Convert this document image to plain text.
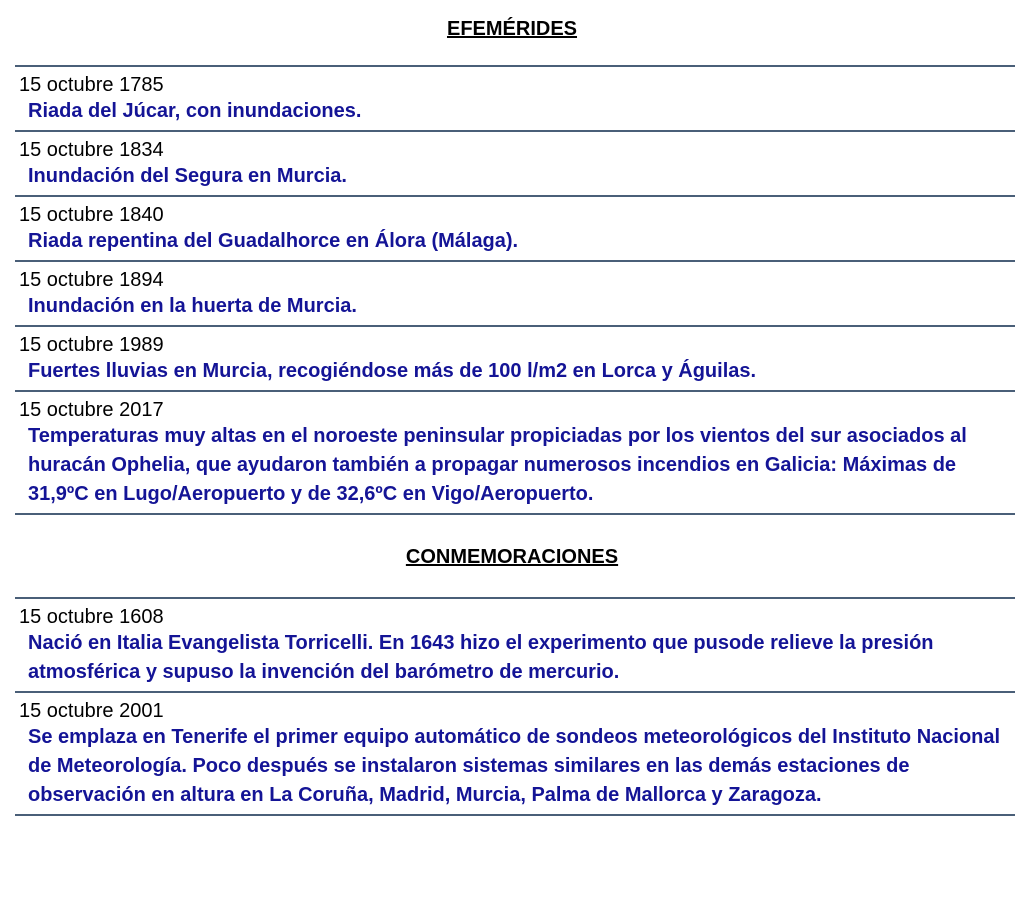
EFEMÉRIDES
15 octubre 1785
Riada del Júcar, con inundaciones.
15 octubre 1834
Inundación del Segura en Murcia.
15 octubre 1840
Riada repentina del Guadalhorce en Álora (Málaga).
15 octubre 1894
Inundación en la huerta de Murcia.
15 octubre 1989
Fuertes lluvias en Murcia, recogiéndose más de 100 l/m2 en Lorca y Águilas.
15 octubre 2017
Temperaturas muy altas en el noroeste peninsular propiciadas por los vientos del sur asociados al huracán Ophelia, que ayudaron también a propagar numerosos incendios en Galicia: Máximas de 31,9ºC en Lugo/Aeropuerto y de 32,6ºC en Vigo/Aeropuerto.
CONMEMORACIONES
15 octubre 1608
Nació en Italia Evangelista Torricelli. En 1643 hizo el experimento que pusode relieve la presión atmosférica y supuso la invención del barómetro de mercurio.
15 octubre 2001
Se emplaza en Tenerife el primer equipo automático de sondeos meteorológicos del Instituto Nacional de Meteorología. Poco después se instalaron sistemas similares en las demás estaciones de observación en altura en La Coruña, Madrid, Murcia, Palma de Mallorca y Zaragoza.
